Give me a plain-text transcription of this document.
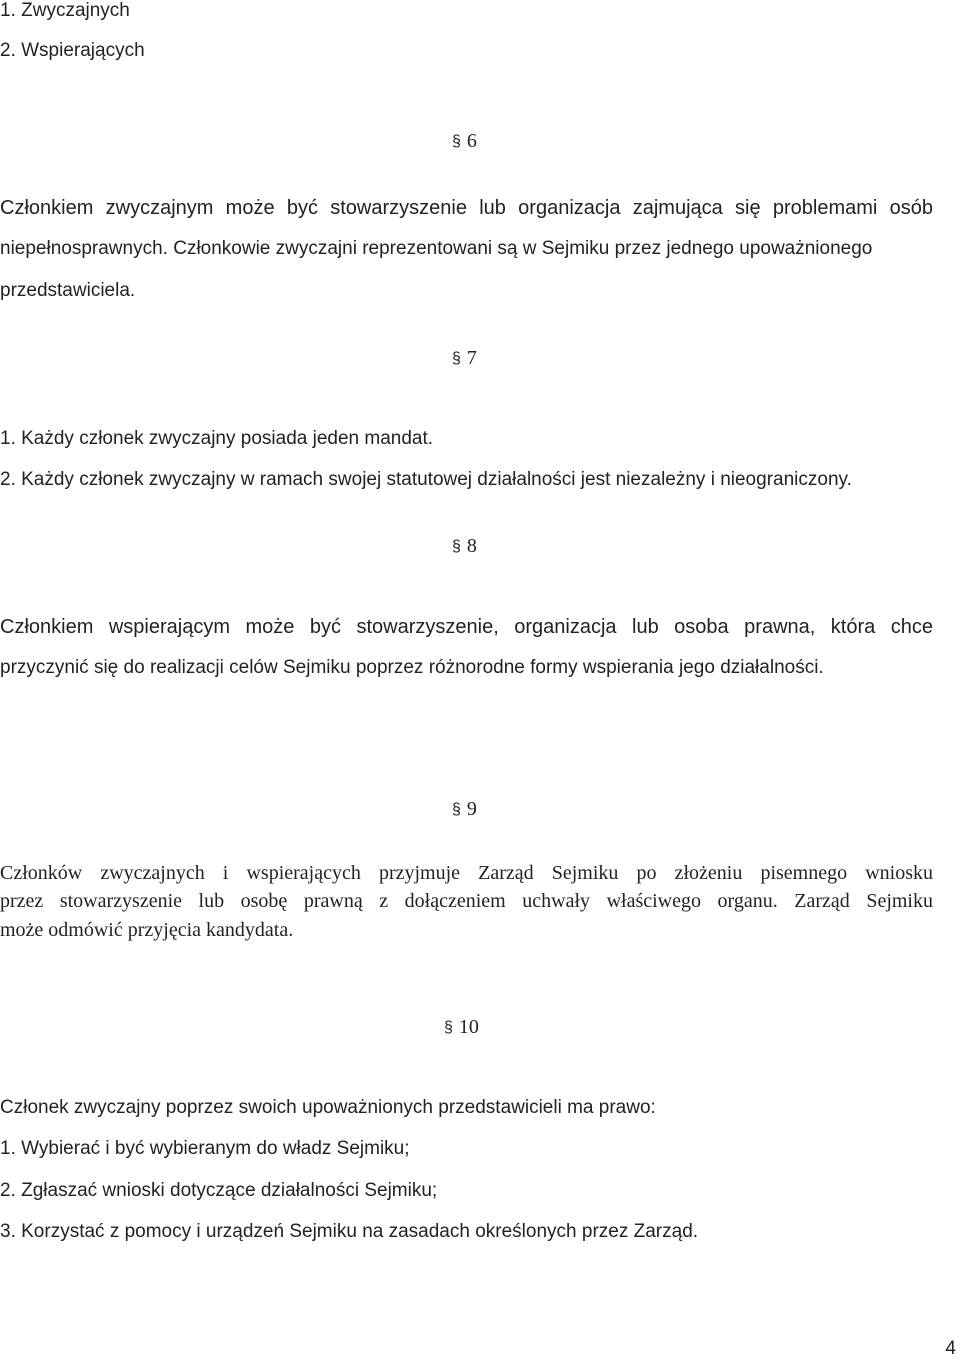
1. Zwyczajnych
2. Wspierających
§ 6
Członkiem zwyczajnym może być stowarzyszenie lub organizacja zajmująca się problemami osób
niepełnosprawnych. Członkowie zwyczajni reprezentowani są w Sejmiku przez jednego upoważnionego
przedstawiciela.
§ 7
1. Każdy członek zwyczajny posiada jeden mandat.
2. Każdy członek zwyczajny w ramach swojej statutowej działalności jest niezależny i nieograniczony.
§ 8
Członkiem wspierającym może być stowarzyszenie, organizacja lub osoba prawna, która chce
przyczynić się do realizacji celów Sejmiku poprzez różnorodne formy wspierania jego działalności.
§ 9
Członków zwyczajnych i wspierających przyjmuje Zarząd Sejmiku po złożeniu pisemnego wniosku
przez stowarzyszenie lub osobę prawną z dołączeniem uchwały właściwego organu. Zarząd Sejmiku
może odmówić przyjęcia kandydata.
§ 10
Członek zwyczajny poprzez swoich upoważnionych przedstawicieli ma prawo:
1. Wybierać i być wybieranym do władz Sejmiku;
2. Zgłaszać wnioski dotyczące działalności Sejmiku;
3. Korzystać z pomocy i urządzeń Sejmiku na zasadach określonych przez Zarząd.
4
